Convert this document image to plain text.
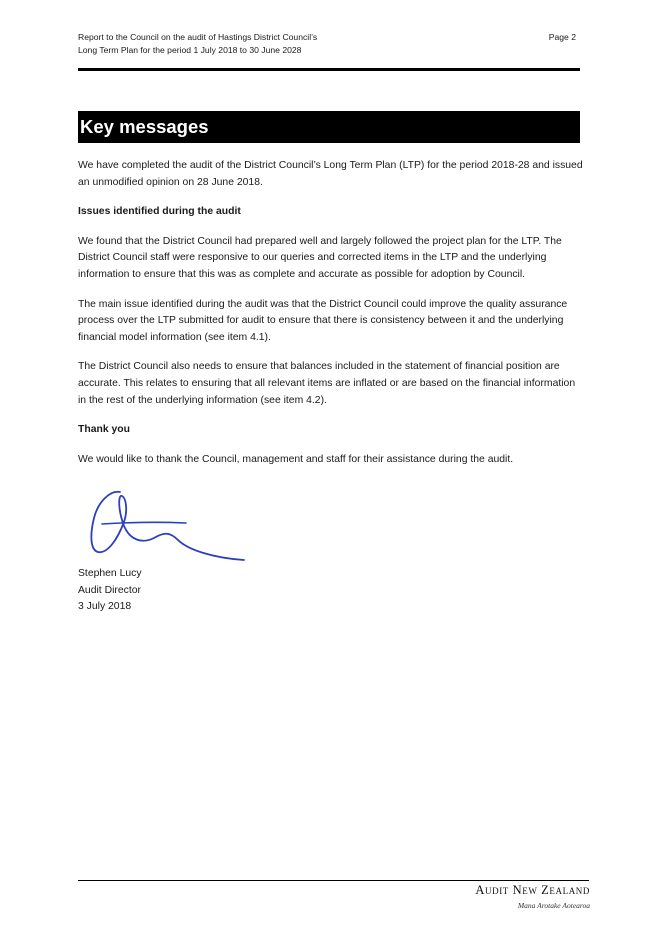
Report to the Council on the audit of Hastings District Council’s
Long Term Plan for the period 1 July 2018 to 30 June 2028
Page 2
Key messages

We have completed the audit of the District Council’s Long Term Plan (LTP) for the period 2018-28 and issued an unmodified opinion on 28 June 2018.

Issues identified during the audit

We found that the District Council had prepared well and largely followed the project plan for the LTP. The District Council staff were responsive to our queries and corrected items in the LTP and the underlying information to ensure that this was as complete and accurate as possible for adoption by Council.

The main issue identified during the audit was that the District Council could improve the quality assurance process over the LTP submitted for audit to ensure that there is consistency between it and the underlying financial model information (see item 4.1).

The District Council also needs to ensure that balances included in the statement of financial position are accurate. This relates to ensuring that all relevant items are inflated or are based on the financial information in the rest of the underlying information (see item 4.2).

Thank you

We would like to thank the Council, management and staff for their assistance during the audit.

Stephen Lucy
Audit Director
3 July 2018
Audit New Zealand
Mana Arotake Aotearoa
